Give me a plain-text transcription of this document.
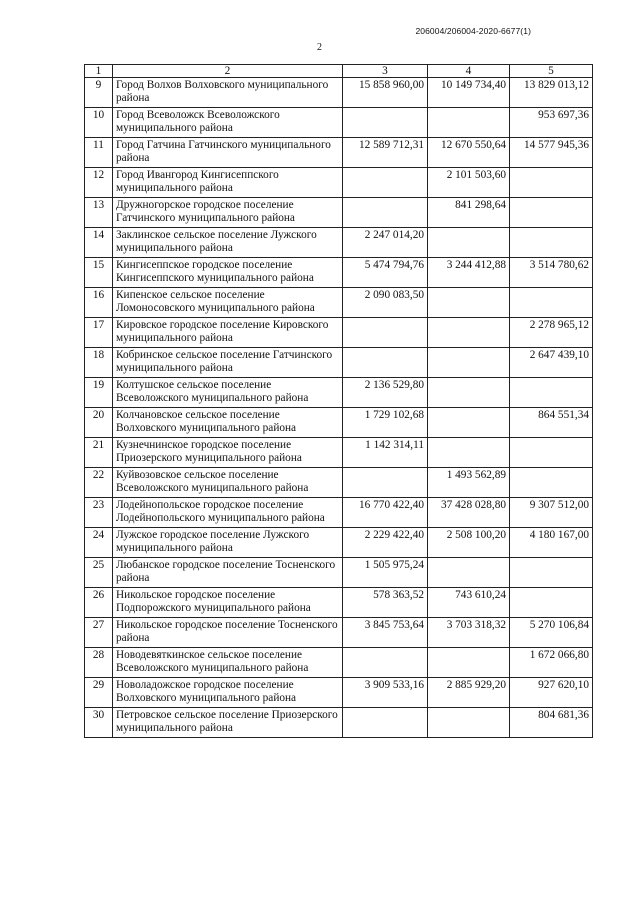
206004/206004-2020-6677(1)
2
1	2	3	4	5
9	Город Волхов Волховского муниципального района	15 858 960,00	10 149 734,40	13 829 013,12
10	Город Всеволожск Всеволожского муниципального района			953 697,36
11	Город Гатчина Гатчинского муниципального района	12 589 712,31	12 670 550,64	14 577 945,36
12	Город Ивангород Кингисеппского муниципального района		2 101 503,60	
13	Дружногорское городское поселение Гатчинского муниципального района		841 298,64	
14	Заклинское сельское поселение Лужского муниципального района	2 247 014,20		
15	Кингисеппское городское поселение Кингисеппского муниципального района	5 474 794,76	3 244 412,88	3 514 780,62
16	Кипенское сельское поселение Ломоносовского муниципального района	2 090 083,50		
17	Кировское городское поселение Кировского муниципального района			2 278 965,12
18	Кобринское сельское поселение Гатчинского муниципального района			2 647 439,10
19	Колтушское сельское поселение Всеволожского муниципального района	2 136 529,80		
20	Колчановское сельское поселение Волховского муниципального района	1 729 102,68		864 551,34
21	Кузнечнинское городское поселение Приозерского муниципального района	1 142 314,11		
22	Куйвозовское сельское поселение Всеволожского муниципального района		1 493 562,89	
23	Лодейнопольское городское поселение Лодейнопольского муниципального района	16 770 422,40	37 428 028,80	9 307 512,00
24	Лужское городское поселение Лужского муниципального района	2 229 422,40	2 508 100,20	4 180 167,00
25	Любанское городское поселение Тосненского района	1 505 975,24		
26	Никольское городское поселение Подпорожского муниципального района	578 363,52	743 610,24	
27	Никольское городское поселение Тосненского района	3 845 753,64	3 703 318,32	5 270 106,84
28	Новодевяткинское сельское поселение Всеволожского муниципального района			1 672 066,80
29	Новоладожское городское поселение Волховского муниципального района	3 909 533,16	2 885 929,20	927 620,10
30	Петровское сельское поселение Приозерского муниципального района			804 681,36
